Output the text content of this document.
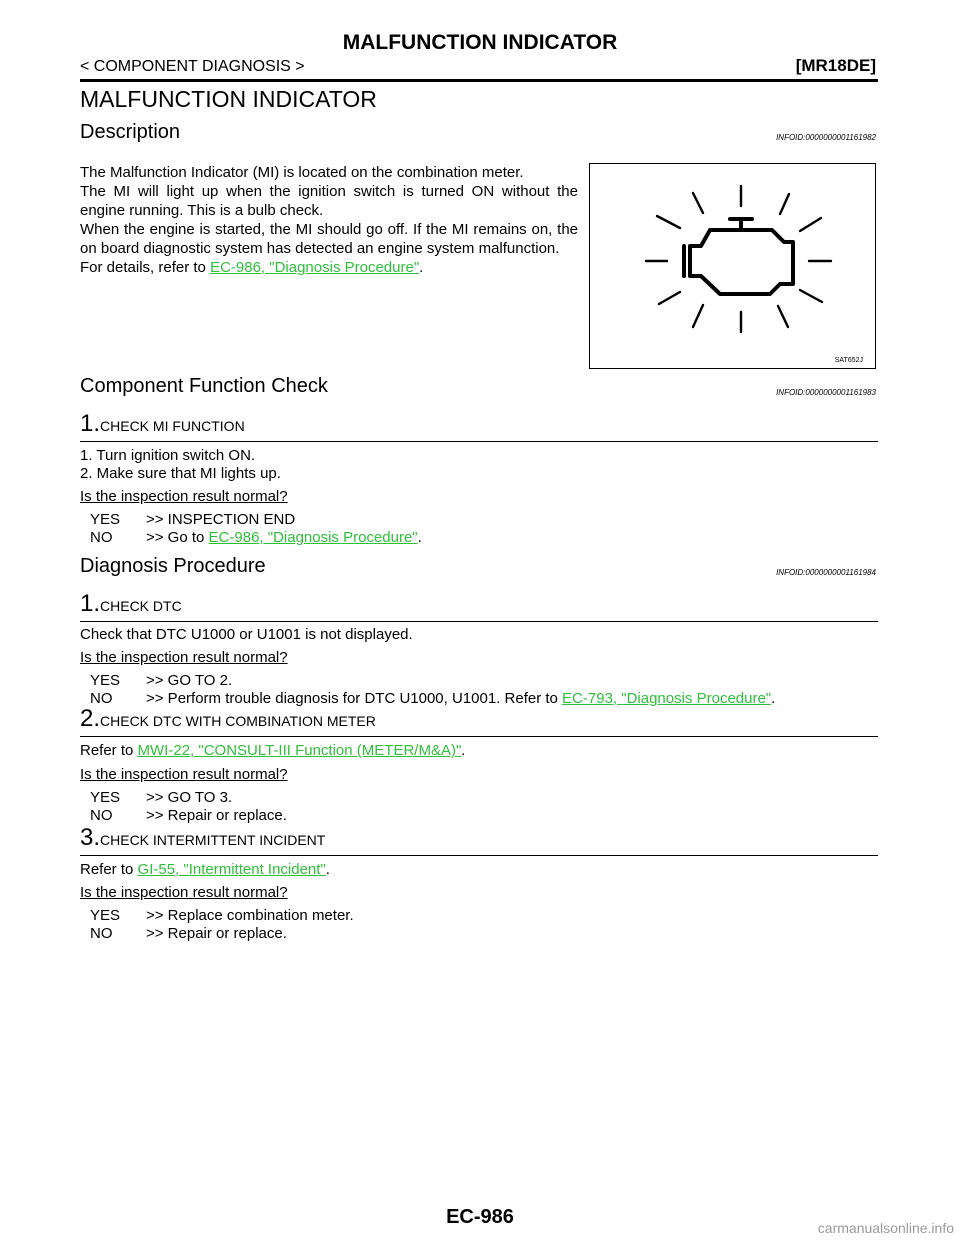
MALFUNCTION INDICATOR
< COMPONENT DIAGNOSIS >	[MR18DE]
MALFUNCTION INDICATOR
Description	INFOID:0000000001161982

The Malfunction Indicator (MI) is located on the combination meter.

The MI will light up when the ignition switch is turned ON without the engine running. This is a bulb check.

When the engine is started, the MI should go off. If the MI remains on, the on board diagnostic system has detected an engine system malfunction.

For details, refer to EC-986, "Diagnosis Procedure".

SAT652J
Component Function Check	INFOID:0000000001161983
1.CHECK MI FUNCTION
1. Turn ignition switch ON.
2. Make sure that MI lights up.
Is the inspection result normal?
YES >> INSPECTION END
NO >> Go to EC-986, "Diagnosis Procedure".
Diagnosis Procedure	INFOID:0000000001161984
1.CHECK DTC
Check that DTC U1000 or U1001 is not displayed.
Is the inspection result normal?
YES >> GO TO 2.
NO >> Perform trouble diagnosis for DTC U1000, U1001. Refer to EC-793, "Diagnosis Procedure".
2.CHECK DTC WITH COMBINATION METER
Refer to MWI-22, "CONSULT-III Function (METER/M&A)".
Is the inspection result normal?
YES >> GO TO 3.
NO >> Repair or replace.
3.CHECK INTERMITTENT INCIDENT
Refer to GI-55, "Intermittent Incident".
Is the inspection result normal?
YES >> Replace combination meter.
NO >> Repair or replace.
EC-986	carmanualsonline.info
